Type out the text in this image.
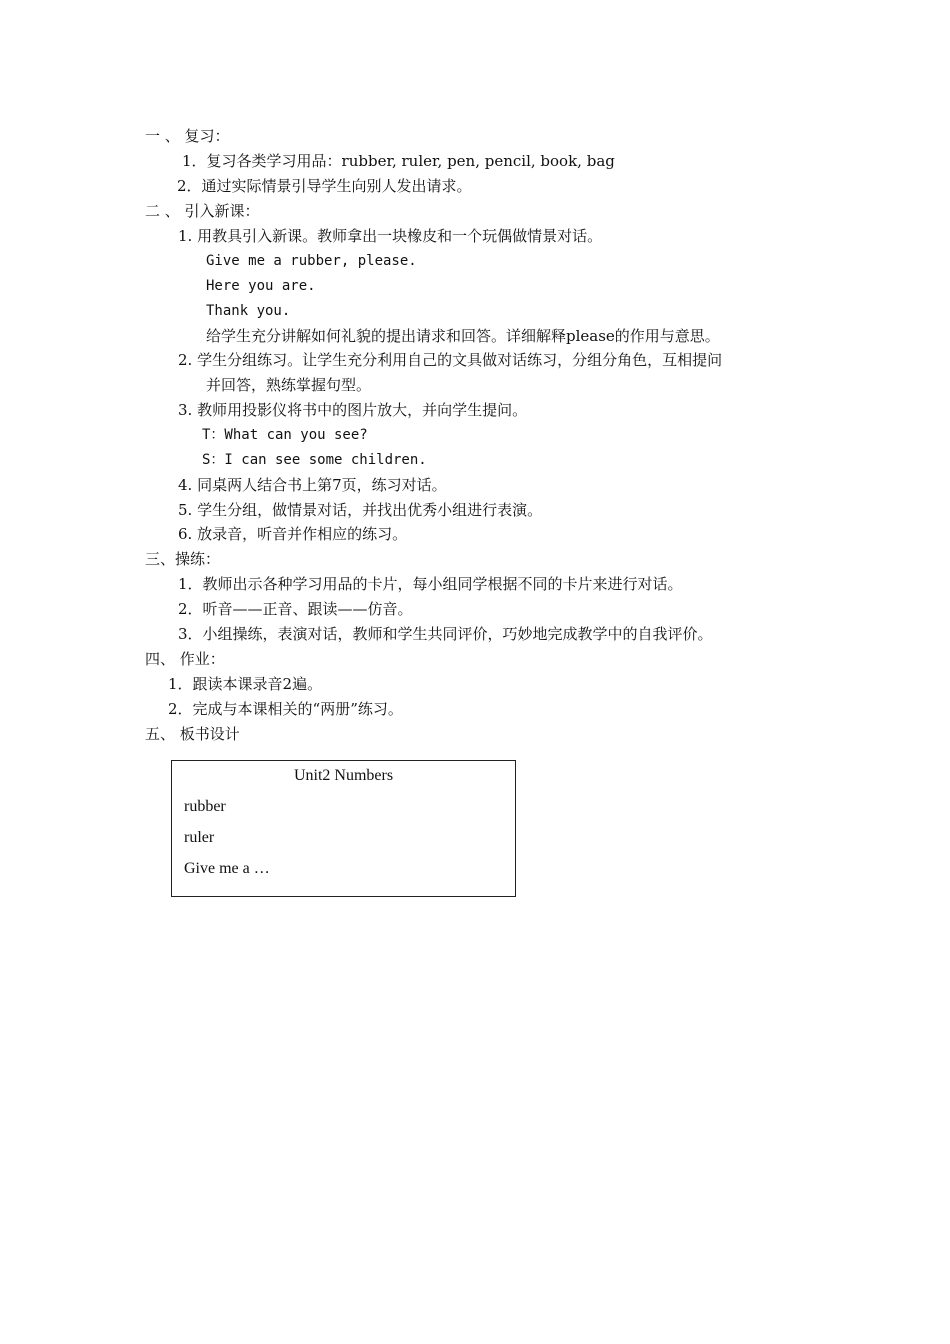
一 、 复习：
1．复习各类学习用品：rubber, ruler, pen, pencil, book, bag
2．通过实际情景引导学生向别人发出请求。
二 、 引入新课：
1. 用教具引入新课。教师拿出一块橡皮和一个玩偶做情景对话。
Give me a rubber, please.
Here you are.
Thank you.
给学生充分讲解如何礼貌的提出请求和回答。详细解释please的作用与意思。
2. 学生分组练习。让学生充分利用自己的文具做对话练习，分组分角色，互相提问
并回答，熟练掌握句型。
3. 教师用投影仪将书中的图片放大，并向学生提问。
T：What can you see?
S：I can see some children.
4. 同桌两人结合书上第7页，练习对话。
5. 学生分组，做情景对话，并找出优秀小组进行表演。
6. 放录音，听音并作相应的练习。
三、操练：
1．教师出示各种学习用品的卡片，每小组同学根据不同的卡片来进行对话。
2．听音——正音、跟读——仿音。
3．小组操练，表演对话，教师和学生共同评价，巧妙地完成教学中的自我评价。
四、 作业：
1．跟读本课录音2遍。
2．完成与本课相关的“两册”练习。
五、 板书设计
Unit2 Numbers
rubber
ruler
Give me a …
